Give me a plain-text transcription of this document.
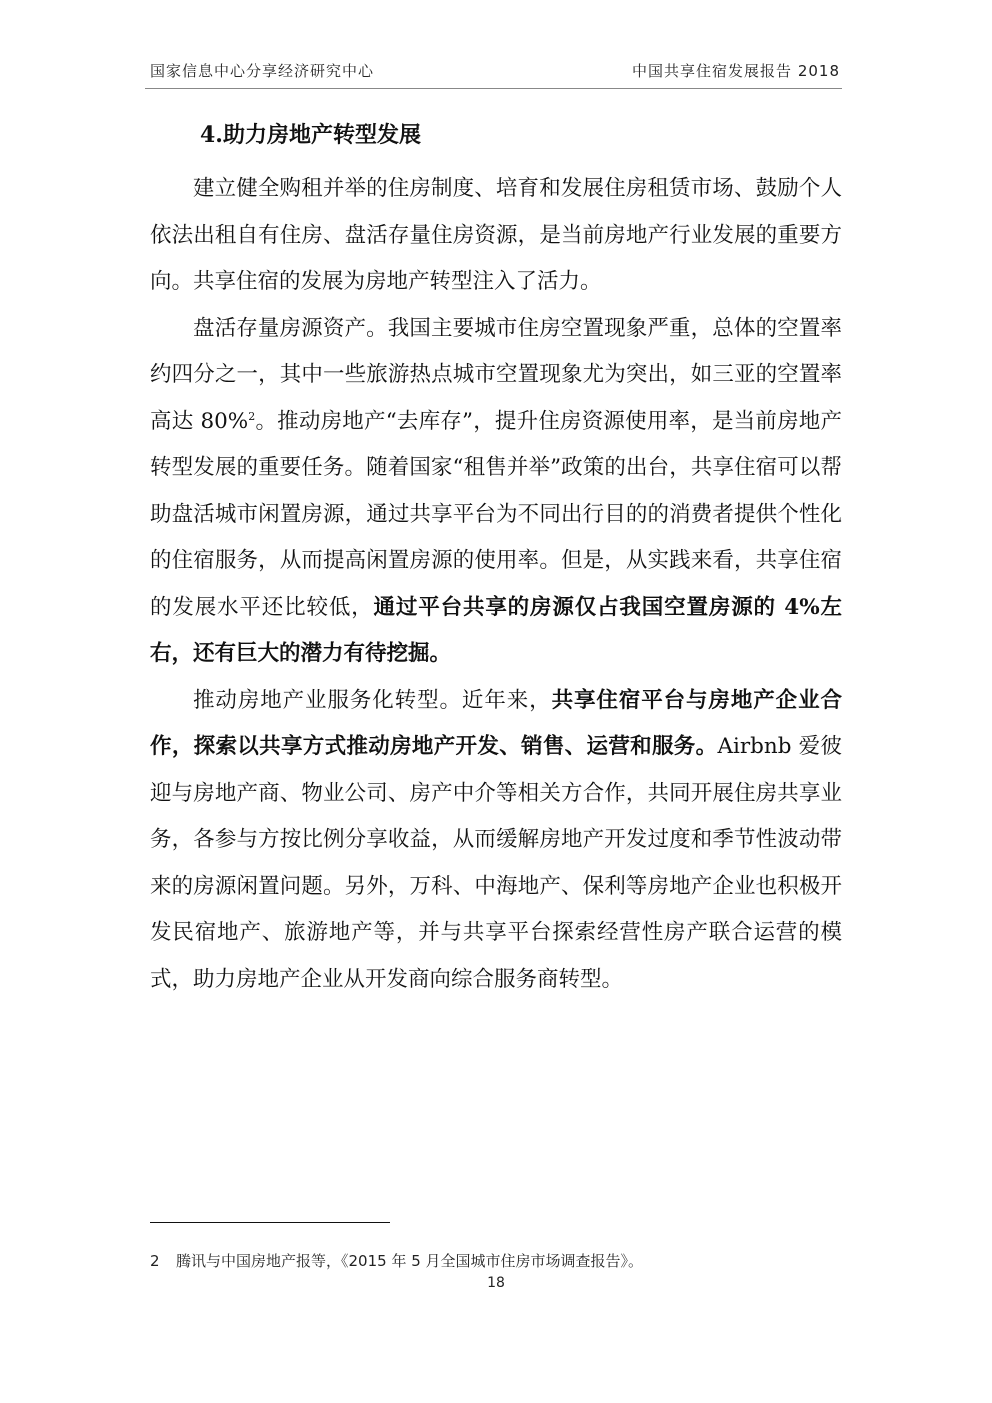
国家信息中心分享经济研究中心	中国共享住宿发展报告 2018
4.助力房地产转型发展

建立健全购租并举的住房制度、培育和发展住房租赁市场、鼓励个人依法出租自有住房、盘活存量住房资源，是当前房地产行业发展的重要方向。共享住宿的发展为房地产转型注入了活力。

盘活存量房源资产。我国主要城市住房空置现象严重，总体的空置率约四分之一，其中一些旅游热点城市空置现象尤为突出，如三亚的空置率高达 80%$^2$。推动房地产“去库存”，提升住房资源使用率，是当前房地产转型发展的重要任务。随着国家“租售并举”政策的出台，共享住宿可以帮助盘活城市闲置房源，通过共享平台为不同出行目的的消费者提供个性化的住宿服务，从而提高闲置房源的使用率。但是，从实践来看，共享住宿的发展水平还比较低，通过平台共享的房源仅占我国空置房源的 4%左右，还有巨大的潜力有待挖掘。

推动房地产业服务化转型。近年来，共享住宿平台与房地产企业合作，探索以共享方式推动房地产开发、销售、运营和服务。Airbnb 爱彼迎与房地产商、物业公司、房产中介等相关方合作，共同开展住房共享业务，各参与方按比例分享收益，从而缓解房地产开发过度和季节性波动带来的房源闲置问题。另外，万科、中海地产、保利等房地产企业也积极开发民宿地产、旅游地产等，并与共享平台探索经营性房产联合运营的模式，助力房地产企业从开发商向综合服务商转型。

2 腾讯与中国房地产报等，《2015 年 5 月全国城市住房市场调查报告》。
18
